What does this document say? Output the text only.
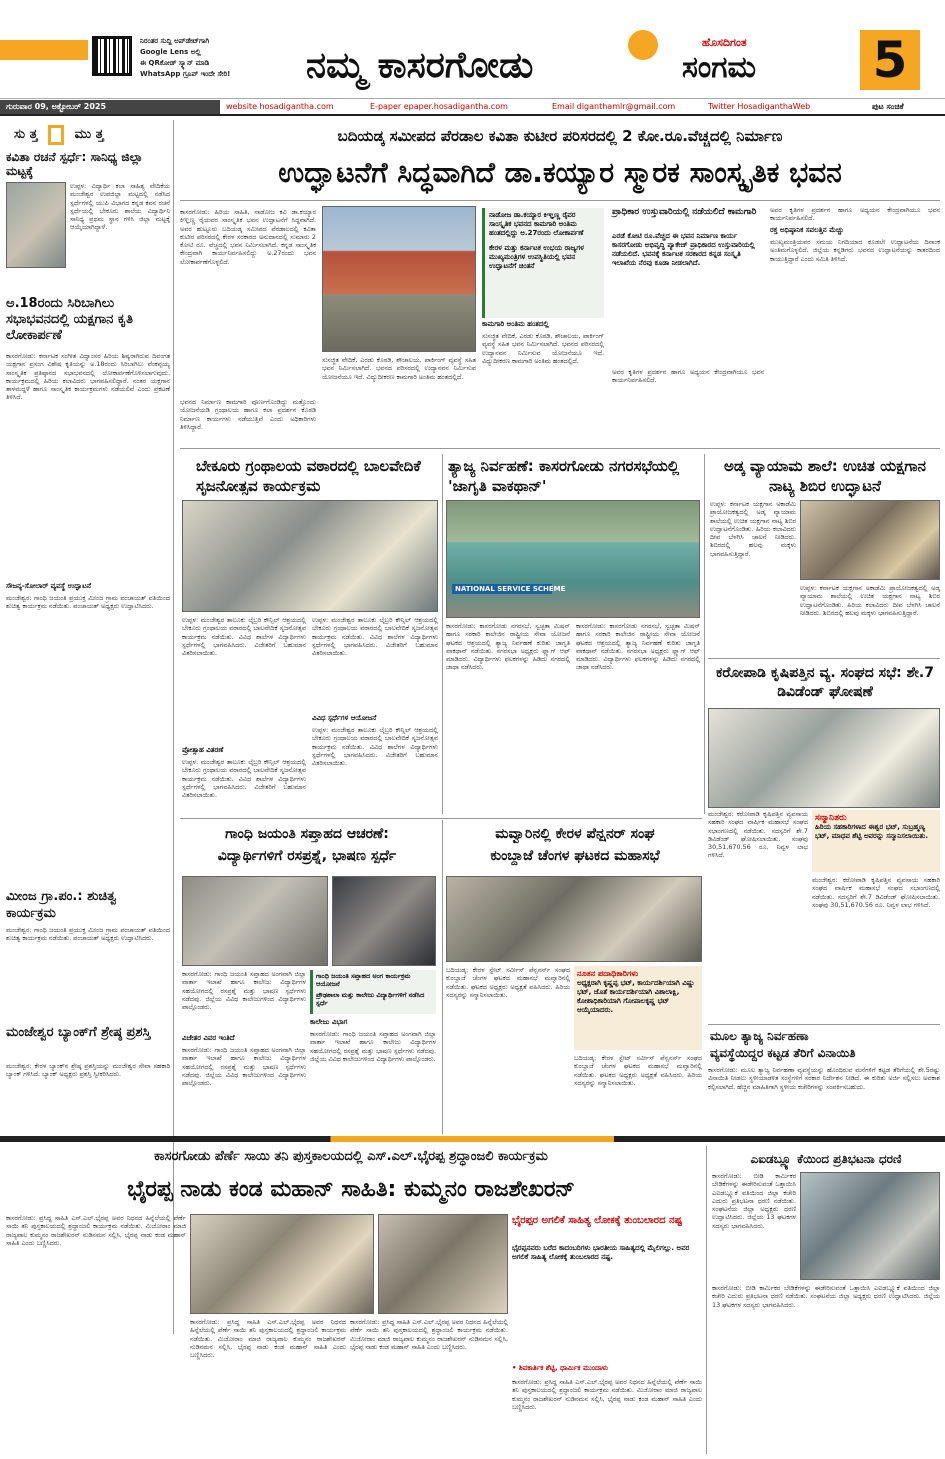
ನಿರಂತರ ಸುದ್ದಿ ಅಪ್‌ಡೇಟ್‌ಗಾಗಿ
Google Lens ಅಲ್ಲಿ
ಈ QRಕೋಡ್ ಸ್ಕ್ಯಾನ್ ಮಾಡಿ
WhatsApp ಗ್ರೂಪ್ ಇಂದೇ ಸೇರಿ!	ನಮ್ಮ ಕಾಸರಗೋಡು
ಹೊಸದಿಗಂತ
ಸಂಗಮ	5
ಗುರುವಾರ 09, ಅಕ್ಟೋಬರ್ 2025	website hosadigantha.com	E-paper epaper.hosadigantha.com	Email diganthamlr@gmail.com	Twitter HosadiganthaWeb	ಪುಟ ಸಂಚಿಕೆ
ಸು ತ್ತ	ಮು ತ್ತ
ಕವಿತಾ ರಚನೆ ಸ್ಪರ್ಧೆ: ಸಾನಿಧ್ಯ ಜಿಲ್ಲಾ ಮಟ್ಟಕ್ಕೆ
ಉಪ್ಪಳ: ವಿದ್ಯಾರ್ಥಿ ಕಲಾ ಸಾಹಿತ್ಯ ವೇದಿಕೆಯ ಮಂಜೇಶ್ವರ ಉಪಜಿಲ್ಲಾ ಮಟ್ಟದಲ್ಲಿ ನಡೆಸಿದ ಸ್ಪರ್ಧೆಗಳಲ್ಲಿ ಯುಪಿ ವಿಭಾಗದ ಕನ್ನಡ ಕವನ ರಚನೆ ಸ್ಪರ್ಧೆಯಲ್ಲಿ ಬೇಕೂರು ಶಾಲೆಯ ವಿದ್ಯಾರ್ಥಿನಿ ಸಾನಿಧ್ಯ ಪ್ರಥಮ ಸ್ಥಾನ ಗಳಿಸಿ ಜಿಲ್ಲಾ ಮಟ್ಟಕ್ಕೆ ಆಯ್ಕೆಯಾಗಿದ್ದಾಳೆ.
ಅ.18ರಂದು ಸಿರಿಬಾಗಿಲು ಸಭಾಭವನದಲ್ಲಿ ಯಕ್ಷಗಾನ ಕೃತಿ ಲೋಕಾರ್ಪಣೆ
ಕಾಸರಗೋಡು: ಕರ್ನಾಟಕ ಸಂಗೀತ ವಿದ್ವಾಂಸರ ಹಿರಿಯ ಶಿಷ್ಯರಾಗಿರುವ ದಿವಂಗತ ಯಕ್ಷಗಾನ ಪ್ರಸಂಗ ವಿಶೇಷ ಕೃತಿಯನ್ನು ಅ.18ರಂದು ಸಿರಿಬಾಗಿಲು ವೆಂಕಪ್ಪಯ್ಯ ಸಾಂಸ್ಕೃತಿಕ ಪ್ರತಿಷ್ಠಾನದ ಸಭಾಭವನದಲ್ಲಿ ಲೋಕಾರ್ಪಣೆಗೊಳಿಸಲಾಗುವುದು. ಕಾರ್ಯಕ್ರಮದಲ್ಲಿ ಹಿರಿಯ ಕಲಾವಿದರು ಭಾಗವಹಿಸಲಿದ್ದಾರೆ. ನಂತರ ಯಕ್ಷಗಾನ ತಾಳಮದ್ದಳೆ ಹಾಗೂ ಸಾಂಸ್ಕೃತಿಕ ಕಾರ್ಯಕ್ರಮಗಳು ನಡೆಯಲಿವೆ ಎಂದು ಪ್ರಕಟಣೆ ತಿಳಿಸಿದೆ.
ಸೌಜನ್ಯ-ಸೋಲಾರ್ ವ್ಯವಸ್ಥೆ ಉದ್ಘಾಟನೆ
ಮಂಜೇಶ್ವರ: ಗಾಂಧಿ ಜಯಂತಿ ಪ್ರಯುಕ್ತ ಮೀಂಜ ಗ್ರಾಮ ಪಂಚಾಯತ್ ವತಿಯಿಂದ ಶುಚಿತ್ವ ಕಾರ್ಯಕ್ರಮ ನಡೆಯಿತು. ಪಂಚಾಯತ್ ಅಧ್ಯಕ್ಷರು ಉದ್ಘಾಟಿಸಿದರು.
ಮೀಂಜ ಗ್ರಾ.ಪಂ.: ಶುಚಿತ್ವ ಕಾರ್ಯಕ್ರಮ
ಮಂಜೇಶ್ವರ: ಗಾಂಧಿ ಜಯಂತಿ ಪ್ರಯುಕ್ತ ಮೀಂಜ ಗ್ರಾಮ ಪಂಚಾಯತ್ ವತಿಯಿಂದ ಶುಚಿತ್ವ ಕಾರ್ಯಕ್ರಮ ನಡೆಯಿತು. ಪಂಚಾಯತ್ ಅಧ್ಯಕ್ಷರು ಉದ್ಘಾಟಿಸಿದರು.
ಮಂಜೇಶ್ವರ ಬ್ಯಾಂಕ್‌ಗೆ ಶ್ರೇಷ್ಠ ಪ್ರಶಸ್ತಿ
ಮಂಜೇಶ್ವರ: ಕೇರಳ ಬ್ಯಾಂಕ್‌ನ ಶ್ರೇಷ್ಠ ಪ್ರಶಸ್ತಿಯನ್ನು ಮಂಜೇಶ್ವರ ಸೇವಾ ಸಹಕಾರಿ ಬ್ಯಾಂಕ್ ಗಳಿಸಿದೆ. ಬ್ಯಾಂಕ್ ಅಧ್ಯಕ್ಷರು ಪ್ರಶಸ್ತಿ ಸ್ವೀಕರಿಸಿದರು.
ಬದಿಯಡ್ಕ ಸಮೀಪದ ಪೆರಡಾಲ ಕವಿತಾ ಕುಟೀರ ಪರಿಸರದಲ್ಲಿ 2 ಕೋ.ರೂ.ವೆಚ್ಚದಲ್ಲಿ ನಿರ್ಮಾಣ
ಉದ್ಘಾಟನೆಗೆ ಸಿದ್ಧವಾಗಿದೆ ಡಾ.ಕಯ್ಯಾರ ಸ್ಮಾರಕ ಸಾಂಸ್ಕೃತಿಕ ಭವನ
ಕಾಸರಗೋಡು: ಹಿರಿಯ ಸಾಹಿತಿ, ನಾಡೋಜ ಕವಿ ಡಾ.ಕಯ್ಯಾರ ಕಿಞ್ಞಣ್ಣ ರೈಯವರ ಸಾಂಸ್ಕೃತಿಕ ಭವನ ಉದ್ಘಾಟನೆಗೆ ಸಿದ್ಧವಾಗಿದೆ. ಅವರ ಹುಟ್ಟೂರು ಬದಿಯಡ್ಕ ಸಮೀಪದ ಪೆರಡಾಲದಲ್ಲಿ ಕವಿತಾ ಕುಟೀರ ಪರಿಸರದಲ್ಲಿ ಕೇರಳ ಸರಕಾರದ ಅನುದಾನದಲ್ಲಿ ಸುಮಾರು 2 ಕೋಟಿ ರೂ. ವೆಚ್ಚದಲ್ಲಿ ಭವನ ನಿರ್ಮಿಸಲಾಗಿದೆ. ಕನ್ನಡ ಸಾಂಸ್ಕೃತಿಕ ಕೇಂದ್ರವಾಗಿ ಕಾರ್ಯನಿರ್ವಹಿಸಲಿದ್ದು ಅ.27ರಂದು ಭವನ ಲೋಕಾರ್ಪಣೆಗೊಳ್ಳಲಿದೆ.
ಭವನದ ನಿರ್ಮಾಣ ಕಾಮಗಾರಿ ಪೂರ್ಣಗೊಂಡಿದ್ದು ಮತ್ತೊಂದು ಯೋಜನೆಯಡಿ ಗ್ರಂಥಾಲಯ ಹಾಗೂ ಕಲಾ ಪ್ರದರ್ಶನ ಕೊಠಡಿ ನಿರ್ಮಾಣ ಕಾರ್ಯಗಳು ನಡೆಯುತ್ತಿವೆ ಎಂದು ಅಧಿಕಾರಿಗಳು ತಿಳಿಸಿದ್ದಾರೆ.
ಸುಸಜ್ಜಿತ ವೇದಿಕೆ, ಎರಡು ಕೊಠಡಿ, ಶೌಚಾಲಯ, ಪಾರ್ಕಿಂಗ್ ವ್ಯವಸ್ಥೆ ಸಹಿತ ಭವನ ನಿರ್ಮಿಸಲಾಗಿದೆ. ಭವನದ ಪರಿಸರದಲ್ಲಿ ಉದ್ಯಾನವನ ನಿರ್ಮಿಸುವ ಯೋಜನೆಯೂ ಇದೆ. ವಿದ್ಯುದೀಕರಣ ಕಾಮಗಾರಿ ಅಂತಿಮ ಹಂತದಲ್ಲಿದೆ.
ನಾಡೋಜ ಡಾ.ಕಯ್ಯಾರ ಕಿಞ್ಞಣ್ಣ ರೈವರ ಸಾಂಸ್ಕೃತಿಕ ಭವನದ ಕಾಮಗಾರಿ ಅಂತಿಮ ಹಂತದಲ್ಲಿದ್ದು ಅ.27ರಂದು ಲೋಕಾರ್ಪಣೆ
ಕೇರಳ ಮತ್ತು ಕರ್ನಾಟಕ ಉಭಯ ರಾಜ್ಯಗಳ ಮುಖ್ಯಮಂತ್ರಿಗಳ ಉಪಸ್ಥಿತಿಯಲ್ಲಿ ಭವನ ಉದ್ಘಾಟನೆಗೆ ಚಿಂತನೆ
ಕಾಮಗಾರಿ ಅಂತಿಮ ಹಂತದಲ್ಲಿ
ಸುಸಜ್ಜಿತ ವೇದಿಕೆ, ಎರಡು ಕೊಠಡಿ, ಶೌಚಾಲಯ, ಪಾರ್ಕಿಂಗ್ ವ್ಯವಸ್ಥೆ ಸಹಿತ ಭವನ ನಿರ್ಮಿಸಲಾಗಿದೆ. ಭವನದ ಪರಿಸರದಲ್ಲಿ ಉದ್ಯಾನವನ ನಿರ್ಮಿಸುವ ಯೋಜನೆಯೂ ಇದೆ. ವಿದ್ಯುದೀಕರಣ ಕಾಮಗಾರಿ ಅಂತಿಮ ಹಂತದಲ್ಲಿದೆ.
ಪ್ರಾಧಿಕಾರ ಉಸ್ತುವಾರಿಯಲ್ಲಿ ನಡೆಯಲಿದೆ ಕಾಮಗಾರಿ
ಎರಡೆ ಕೋಟಿ ರೂ.ವೆಚ್ಚದ ಈ ಭವನ ನಿರ್ಮಾಣ ಕಾರ್ಯ ಕಾಸರಗೋಡು ಅಭಿವೃದ್ಧಿ ಪ್ಯಾಕೇಜ್ ಪ್ರಾಧಿಕಾರದ ಉಸ್ತುವಾರಿಯಲ್ಲಿ ನಡೆಯಲಿದೆ. ಭವನಕ್ಕೆ ಕರ್ನಾಟಕ ಸರಕಾರದ ಕನ್ನಡ ಸಂಸ್ಕೃತಿ ಇಲಾಖೆಯ ನೆರವು ಕೂಡಾ ನೀಡಲಾಗಿದೆ.
ಅವರ ಕೃತಿಗಳ ಪ್ರದರ್ಶನ ಹಾಗೂ ಅಧ್ಯಯನ ಕೇಂದ್ರವಾಗಿಯೂ ಭವನ ಕಾರ್ಯನಿರ್ವಹಿಸಲಿದೆ.
ಅವರ ಕೃತಿಗಳ ಪ್ರದರ್ಶನ ಹಾಗೂ ಅಧ್ಯಯನ ಕೇಂದ್ರವಾಗಿಯೂ ಭವನ ಕಾರ್ಯನಿರ್ವಹಿಸಲಿದೆ.
ರಕ್ತ ಅಧಿಷ್ಠಾನಿಕ ಸವಲತ್ತಿನ ಮೆಚ್ಚು
ಮುಖ್ಯಮಂತ್ರಿಯವರ ಸಮಯ ನಿಗದಿಯಾದ ಕೂಡಲೇ ಉದ್ಘಾಟನೆಯ ದಿನಾಂಕ ಅಂತಿಮಗೊಳ್ಳಲಿದೆ. ಜಿಲ್ಲೆಯ ಕನ್ನಡಿಗರು ಭವನದ ಉದ್ಘಾಟನೆಯನ್ನು ಕಾತರದಿಂದ ಕಾಯುತ್ತಿದ್ದಾರೆ ಎಂದು ಸಮಿತಿ ತಿಳಿಸಿದೆ.
ಬೇಕೂರು ಗ್ರಂಥಾಲಯ ವಠಾರದಲ್ಲಿ ಬಾಲವೇದಿಕೆ ಸೃಜನೋತ್ಸವ ಕಾರ್ಯಕ್ರಮ
ಉಪ್ಪಳ: ಮಂಜೇಶ್ವರ ತಾಲೂಕು ಲೈಬ್ರರಿ ಕೌನ್ಸಿಲ್ ಆಶ್ರಯದಲ್ಲಿ ಬೇಕೂರು ಗ್ರಂಥಾಲಯ ವಠಾರದಲ್ಲಿ ಬಾಲವೇದಿಕೆ ಸೃಜನೋತ್ಸವ ಕಾರ್ಯಕ್ರಮ ನಡೆಯಿತು. ವಿವಿಧ ಶಾಲೆಗಳ ವಿದ್ಯಾರ್ಥಿಗಳು ಸ್ಪರ್ಧೆಗಳಲ್ಲಿ ಭಾಗವಹಿಸಿದರು. ವಿಜೇತರಿಗೆ ಬಹುಮಾನ ವಿತರಿಸಲಾಯಿತು.
ಪ್ರೋತ್ಸಾಹ ವಿತರಣೆ
ಉಪ್ಪಳ: ಮಂಜೇಶ್ವರ ತಾಲೂಕು ಲೈಬ್ರರಿ ಕೌನ್ಸಿಲ್ ಆಶ್ರಯದಲ್ಲಿ ಬೇಕೂರು ಗ್ರಂಥಾಲಯ ವಠಾರದಲ್ಲಿ ಬಾಲವೇದಿಕೆ ಸೃಜನೋತ್ಸವ ಕಾರ್ಯಕ್ರಮ ನಡೆಯಿತು. ವಿವಿಧ ಶಾಲೆಗಳ ವಿದ್ಯಾರ್ಥಿಗಳು ಸ್ಪರ್ಧೆಗಳಲ್ಲಿ ಭಾಗವಹಿಸಿದರು. ವಿಜೇತರಿಗೆ ಬಹುಮಾನ ವಿತರಿಸಲಾಯಿತು.
ವಿವಿಧ ಸ್ಪರ್ಧೆಗಳ ಆಯೋಜನೆ
ಉಪ್ಪಳ: ಮಂಜೇಶ್ವರ ತಾಲೂಕು ಲೈಬ್ರರಿ ಕೌನ್ಸಿಲ್ ಆಶ್ರಯದಲ್ಲಿ ಬೇಕೂರು ಗ್ರಂಥಾಲಯ ವಠಾರದಲ್ಲಿ ಬಾಲವೇದಿಕೆ ಸೃಜನೋತ್ಸವ ಕಾರ್ಯಕ್ರಮ ನಡೆಯಿತು. ವಿವಿಧ ಶಾಲೆಗಳ ವಿದ್ಯಾರ್ಥಿಗಳು ಸ್ಪರ್ಧೆಗಳಲ್ಲಿ ಭಾಗವಹಿಸಿದರು. ವಿಜೇತರಿಗೆ ಬಹುಮಾನ ವಿತರಿಸಲಾಯಿತು.
ಉಪ್ಪಳ: ಮಂಜೇಶ್ವರ ತಾಲೂಕು ಲೈಬ್ರರಿ ಕೌನ್ಸಿಲ್ ಆಶ್ರಯದಲ್ಲಿ ಬೇಕೂರು ಗ್ರಂಥಾಲಯ ವಠಾರದಲ್ಲಿ ಬಾಲವೇದಿಕೆ ಸೃಜನೋತ್ಸವ ಕಾರ್ಯಕ್ರಮ ನಡೆಯಿತು. ವಿವಿಧ ಶಾಲೆಗಳ ವಿದ್ಯಾರ್ಥಿಗಳು ಸ್ಪರ್ಧೆಗಳಲ್ಲಿ ಭಾಗವಹಿಸಿದರು. ವಿಜೇತರಿಗೆ ಬಹುಮಾನ ವಿತರಿಸಲಾಯಿತು.
ತ್ಯಾಜ್ಯ ನಿರ್ವಹಣೆ: ಕಾಸರಗೋಡು ನಗರಸಭೆಯಲ್ಲಿ 'ಜಾಗೃತಿ ವಾಕಥಾನ್'
NATIONAL SERVICE SCHEME
ಕಾಸರಗೋಡು: ಕಾಸರಗೋಡು ನಗರಸಭೆ, ಸ್ವಚ್ಛತಾ ಮಿಷನ್ ಹಾಗೂ ಸರಕಾರಿ ಕಾಲೇಜಿನ ರಾಷ್ಟ್ರೀಯ ಸೇವಾ ಯೋಜನೆ ಘಟಕದ ಆಶ್ರಯದಲ್ಲಿ ತ್ಯಾಜ್ಯ ನಿರ್ವಹಣೆ ಕುರಿತು ಜಾಗೃತಿ ವಾಕಥಾನ್ ನಡೆಯಿತು. ನಗರಸಭಾ ಅಧ್ಯಕ್ಷರು ಫ್ಲ್ಯಾಗ್ ಆಫ್ ಮಾಡಿದರು. ವಿದ್ಯಾರ್ಥಿಗಳು ಫಲಕಗಳನ್ನು ಹಿಡಿದು ನಗರದಲ್ಲಿ ಜಾಥಾ ನಡೆಸಿದರು.
ಕಾಸರಗೋಡು: ಕಾಸರಗೋಡು ನಗರಸಭೆ, ಸ್ವಚ್ಛತಾ ಮಿಷನ್ ಹಾಗೂ ಸರಕಾರಿ ಕಾಲೇಜಿನ ರಾಷ್ಟ್ರೀಯ ಸೇವಾ ಯೋಜನೆ ಘಟಕದ ಆಶ್ರಯದಲ್ಲಿ ತ್ಯಾಜ್ಯ ನಿರ್ವಹಣೆ ಕುರಿತು ಜಾಗೃತಿ ವಾಕಥಾನ್ ನಡೆಯಿತು. ನಗರಸಭಾ ಅಧ್ಯಕ್ಷರು ಫ್ಲ್ಯಾಗ್ ಆಫ್ ಮಾಡಿದರು. ವಿದ್ಯಾರ್ಥಿಗಳು ಫಲಕಗಳನ್ನು ಹಿಡಿದು ನಗರದಲ್ಲಿ ಜಾಥಾ ನಡೆಸಿದರು.
ಅಡ್ಕ ವ್ಯಾಯಾಮ ಶಾಲೆ: ಉಚಿತ ಯಕ್ಷಗಾನ ನಾಟ್ಯ ಶಿಬಿರ ಉದ್ಘಾಟನೆ
ಉಪ್ಪಳ: ಕರ್ನಾಟಕ ಯಕ್ಷಗಾನ ಅಕಾಡೆಮಿ ಪ್ರಾಯೋಜಕತ್ವದಲ್ಲಿ ಅಡ್ಕ ವ್ಯಾಯಾಮ ಶಾಲೆಯಲ್ಲಿ ಉಚಿತ ಯಕ್ಷಗಾನ ನಾಟ್ಯ ಶಿಬಿರ ಉದ್ಘಾಟನೆಗೊಂಡಿತು. ಹಿರಿಯ ಕಲಾವಿದರು ದೀಪ ಬೆಳಗಿಸಿ ಚಾಲನೆ ನೀಡಿದರು. ಶಿಬಿರದಲ್ಲಿ ಹಲವು ಮಕ್ಕಳು ಭಾಗವಹಿಸುತ್ತಿದ್ದಾರೆ.
ಉಪ್ಪಳ: ಕರ್ನಾಟಕ ಯಕ್ಷಗಾನ ಅಕಾಡೆಮಿ ಪ್ರಾಯೋಜಕತ್ವದಲ್ಲಿ ಅಡ್ಕ ವ್ಯಾಯಾಮ ಶಾಲೆಯಲ್ಲಿ ಉಚಿತ ಯಕ್ಷಗಾನ ನಾಟ್ಯ ಶಿಬಿರ ಉದ್ಘಾಟನೆಗೊಂಡಿತು. ಹಿರಿಯ ಕಲಾವಿದರು ದೀಪ ಬೆಳಗಿಸಿ ಚಾಲನೆ ನೀಡಿದರು. ಶಿಬಿರದಲ್ಲಿ ಹಲವು ಮಕ್ಕಳು ಭಾಗವಹಿಸುತ್ತಿದ್ದಾರೆ.
ಕರೋಪಾಡಿ ಕೃಷಿಪತ್ತಿನ ವ್ಯ. ಸಂಘದ ಸಭೆ: ಶೇ.7 ಡಿವಿಡೆಂಡ್ ಘೋಷಣೆ
ಮಂಜೇಶ್ವರ: ಕರೋಪಾಡಿ ಕೃಷಿಪತ್ತಿನ ವ್ಯವಸಾಯ ಸಹಕಾರಿ ಸಂಘದ ವಾರ್ಷಿಕ ಮಹಾಸಭೆ ಸಂಘದ ಸಭಾಂಗಣದಲ್ಲಿ ನಡೆಯಿತು. ಸದಸ್ಯರಿಗೆ ಶೇ.7 ಡಿವಿಡೆಂಡ್ ಘೋಷಿಸಲಾಯಿತು. ಸಂಘವು 30,51,670.56 ರೂ. ನಿವ್ವಳ ಲಾಭ ಗಳಿಸಿದೆ.
ಸನ್ಮಾನಿತರು
ಹಿರಿಯ ಸಹಕಾರಿಗಳಾದ ಈಶ್ವರ ಭಟ್, ಸುಬ್ರಹ್ಮಣ್ಯ ಭಟ್, ಮಾಧವ ಶೆಟ್ಟಿ ಅವರನ್ನು ಸನ್ಮಾನಿಸಲಾಯಿತು.
ಮಂಜೇಶ್ವರ: ಕರೋಪಾಡಿ ಕೃಷಿಪತ್ತಿನ ವ್ಯವಸಾಯ ಸಹಕಾರಿ ಸಂಘದ ವಾರ್ಷಿಕ ಮಹಾಸಭೆ ಸಂಘದ ಸಭಾಂಗಣದಲ್ಲಿ ನಡೆಯಿತು. ಸದಸ್ಯರಿಗೆ ಶೇ.7 ಡಿವಿಡೆಂಡ್ ಘೋಷಿಸಲಾಯಿತು. ಸಂಘವು 30,51,670.56 ರೂ. ನಿವ್ವಳ ಲಾಭ ಗಳಿಸಿದೆ.
ಮೂಲ ತ್ಯಾಜ್ಯ ನಿರ್ವಹಣಾ
ವ್ಯವಸ್ಥೆಯಿದ್ದರ ಕಟ್ಟಡ ತೆರಿಗೆ ವಿನಾಯಿತಿ
ಕಾಸರಗೋಡು: ಮೂಲ ತ್ಯಾಜ್ಯ ನಿರ್ವಹಣಾ ವ್ಯವಸ್ಥೆಯನ್ನು ಹೊಂದಿರುವ ಮನೆಗಳಿಗೆ ಕಟ್ಟಡ ತೆರಿಗೆಯಲ್ಲಿ ಶೇ.5ರಷ್ಟು ವಿನಾಯಿತಿ ನೀಡಲು ಸ್ಥಳೀಯಾಡಳಿತ ಸಂಸ್ಥೆಗಳಿಗೆ ಸರಕಾರ ನಿರ್ದೇಶನ ನೀಡಿದೆ. ಈ ಕುರಿತು ಅರ್ಜಿ ಸಲ್ಲಿಸಲು ಅವಕಾಶ ಕಲ್ಪಿಸಲಾಗಿದೆ. ಹೆಚ್ಚಿನ ಮಾಹಿತಿಗಾಗಿ ಸ್ಥಳೀಯ ಕಚೇರಿಗಳನ್ನು ಸಂಪರ್ಕಿಸಬಹುದು.
ಗಾಂಧಿ ಜಯಂತಿ ಸಪ್ತಾಹದ ಆಚರಣೆ:
ವಿದ್ಯಾರ್ಥಿಗಳಿಗೆ ರಸಪ್ರಶ್ನೆ, ಭಾಷಣ ಸ್ಪರ್ಧೆ
ಕಾಸರಗೋಡು: ಗಾಂಧಿ ಜಯಂತಿ ಸಪ್ತಾಹದ ಅಂಗವಾಗಿ ಜಿಲ್ಲಾ ವಾರ್ತಾ ಇಲಾಖೆ ಹಾಗೂ ಕಾಲೇಜು ವಿದ್ಯಾರ್ಥಿಗಳ ಸಹಯೋಗದಲ್ಲಿ ರಸಪ್ರಶ್ನೆ ಮತ್ತು ಭಾಷಣ ಸ್ಪರ್ಧೆಗಳು ನಡೆದವು. ಜಿಲ್ಲೆಯ ವಿವಿಧ ಕಾಲೇಜುಗಳಿಂದ ವಿದ್ಯಾರ್ಥಿಗಳು ಪಾಲ್ಗೊಂಡರು.
ವಿಜೇತರ ವಿವರ ಇಂತಿದೆ
ಕಾಸರಗೋಡು: ಗಾಂಧಿ ಜಯಂತಿ ಸಪ್ತಾಹದ ಅಂಗವಾಗಿ ಜಿಲ್ಲಾ ವಾರ್ತಾ ಇಲಾಖೆ ಹಾಗೂ ಕಾಲೇಜು ವಿದ್ಯಾರ್ಥಿಗಳ ಸಹಯೋಗದಲ್ಲಿ ರಸಪ್ರಶ್ನೆ ಮತ್ತು ಭಾಷಣ ಸ್ಪರ್ಧೆಗಳು ನಡೆದವು. ಜಿಲ್ಲೆಯ ವಿವಿಧ ಕಾಲೇಜುಗಳಿಂದ ವಿದ್ಯಾರ್ಥಿಗಳು ಪಾಲ್ಗೊಂಡರು.
ಗಾಂಧಿ ಜಯಂತಿ ಸಪ್ತಾಹದ ಅಂಗ ಕಾರ್ಯಕ್ರಮ ಆಯೋಜನೆ
ಪ್ರೌಢಶಾಲಾ ಮತ್ತು ಕಾಲೇಜು ವಿದ್ಯಾರ್ಥಿಗಳಿಗೆ ನಡೆಸಿದ ಸ್ಪರ್ಧೆ
ಕಾಲೇಜು ವಿಭಾಗ
ಕಾಸರಗೋಡು: ಗಾಂಧಿ ಜಯಂತಿ ಸಪ್ತಾಹದ ಅಂಗವಾಗಿ ಜಿಲ್ಲಾ ವಾರ್ತಾ ಇಲಾಖೆ ಹಾಗೂ ಕಾಲೇಜು ವಿದ್ಯಾರ್ಥಿಗಳ ಸಹಯೋಗದಲ್ಲಿ ರಸಪ್ರಶ್ನೆ ಮತ್ತು ಭಾಷಣ ಸ್ಪರ್ಧೆಗಳು ನಡೆದವು. ಜಿಲ್ಲೆಯ ವಿವಿಧ ಕಾಲೇಜುಗಳಿಂದ ವಿದ್ಯಾರ್ಥಿಗಳು ಪಾಲ್ಗೊಂಡರು.
ಮವ್ವಾರಿನಲ್ಲಿ ಕೇರಳ ಪೆನ್ಷನರ್ ಸಂಘ
ಕುಂಬ್ದಾಜೆ ಚೆಂಗಳ ಘಟಕದ ಮಹಾಸಭೆ
ಬದಿಯಡ್ಕ: ಕೇರಳ ಸ್ಟೇಟ್ ಸರ್ವೀಸ್ ಪೆನ್ಷನರ್ಸ್ ಸಂಘದ ಕುಂಬ್ದಾಜೆ ಚೆಂಗಳ ಘಟಕದ ಮಹಾಸಭೆ ಮವ್ವಾರಿನಲ್ಲಿ ನಡೆಯಿತು. ಘಟಕದ ಅಧ್ಯಕ್ಷರು ಅಧ್ಯಕ್ಷತೆ ವಹಿಸಿದರು. ಹಿರಿಯ ಸದಸ್ಯರನ್ನು ಸನ್ಮಾನಿಸಲಾಯಿತು.
ನೂತನ ಪದಾಧಿಕಾರಿಗಳು
ಅಧ್ಯಕ್ಷರಾಗಿ ಕೃಷ್ಣಪ್ಪ ಭಟ್, ಕಾರ್ಯದರ್ಶಿಯಾಗಿ ವಿಷ್ಣು ಭಟ್, ಜೊತೆ ಕಾರ್ಯದರ್ಶಿಯಾಗಿ ವಿಶಾಲಾಕ್ಷಿ, ಕೋಶಾಧಿಕಾರಿಯಾಗಿ ಗೋಪಾಲಕೃಷ್ಣ ಭಟ್ ಆಯ್ಕೆಯಾದರು.
ಬದಿಯಡ್ಕ: ಕೇರಳ ಸ್ಟೇಟ್ ಸರ್ವೀಸ್ ಪೆನ್ಷನರ್ಸ್ ಸಂಘದ ಕುಂಬ್ದಾಜೆ ಚೆಂಗಳ ಘಟಕದ ಮಹಾಸಭೆ ಮವ್ವಾರಿನಲ್ಲಿ ನಡೆಯಿತು. ಘಟಕದ ಅಧ್ಯಕ್ಷರು ಅಧ್ಯಕ್ಷತೆ ವಹಿಸಿದರು. ಹಿರಿಯ ಸದಸ್ಯರನ್ನು ಸನ್ಮಾನಿಸಲಾಯಿತು.
ಕಾಸರಗೋಡು ಪೆರ್ಣೆ ಸಾಯಿ ತನಿ ಪುಸ್ತಕಾಲಯದಲ್ಲಿ ಎಸ್.ಎಲ್.ಭೈರಪ್ಪ ಶ್ರದ್ಧಾಂಜಲಿ ಕಾರ್ಯಕ್ರಮ
ಭೈರಪ್ಪ ನಾಡು ಕಂಡ ಮಹಾನ್ ಸಾಹಿತಿ: ಕುಮ್ಮನಂ ರಾಜಶೇಖರನ್
ಕಾಸರಗೋಡು: ಪ್ರಸಿದ್ಧ ಸಾಹಿತಿ ಎಸ್.ಎಲ್.ಭೈರಪ್ಪ ಅವರ ನಿಧನದ ಹಿನ್ನೆಲೆಯಲ್ಲಿ ಪೆರ್ಣೆ ಸಾಯಿ ತನಿ ಪುಸ್ತಕಾಲಯದಲ್ಲಿ ಶ್ರದ್ಧಾಂಜಲಿ ಕಾರ್ಯಕ್ರಮ ನಡೆಯಿತು. ಮಿಜೋರಾಂ ಮಾಜಿ ರಾಜ್ಯಪಾಲ ಕುಮ್ಮನಂ ರಾಜಶೇಖರನ್ ನುಡಿನಮನ ಸಲ್ಲಿಸಿ, ಭೈರಪ್ಪ ನಾಡು ಕಂಡ ಮಹಾನ್ ಸಾಹಿತಿ ಎಂದು ಬಣ್ಣಿಸಿದರು.
ಕಾಸರಗೋಡು: ಪ್ರಸಿದ್ಧ ಸಾಹಿತಿ ಎಸ್.ಎಲ್.ಭೈರಪ್ಪ ಅವರ ನಿಧನದ ಹಿನ್ನೆಲೆಯಲ್ಲಿ ಪೆರ್ಣೆ ಸಾಯಿ ತನಿ ಪುಸ್ತಕಾಲಯದಲ್ಲಿ ಶ್ರದ್ಧಾಂಜಲಿ ಕಾರ್ಯಕ್ರಮ ನಡೆಯಿತು. ಮಿಜೋರಾಂ ಮಾಜಿ ರಾಜ್ಯಪಾಲ ಕುಮ್ಮನಂ ರಾಜಶೇಖರನ್ ನುಡಿನಮನ ಸಲ್ಲಿಸಿ, ಭೈರಪ್ಪ ನಾಡು ಕಂಡ ಮಹಾನ್ ಸಾಹಿತಿ ಎಂದು ಬಣ್ಣಿಸಿದರು.
ಕಾಸರಗೋಡು: ಪ್ರಸಿದ್ಧ ಸಾಹಿತಿ ಎಸ್.ಎಲ್.ಭೈರಪ್ಪ ಅವರ ನಿಧನದ ಹಿನ್ನೆಲೆಯಲ್ಲಿ ಪೆರ್ಣೆ ಸಾಯಿ ತನಿ ಪುಸ್ತಕಾಲಯದಲ್ಲಿ ಶ್ರದ್ಧಾಂಜಲಿ ಕಾರ್ಯಕ್ರಮ ನಡೆಯಿತು. ಮಿಜೋರಾಂ ಮಾಜಿ ರಾಜ್ಯಪಾಲ ಕುಮ್ಮನಂ ರಾಜಶೇಖರನ್ ನುಡಿನಮನ ಸಲ್ಲಿಸಿ, ಭೈರಪ್ಪ ನಾಡು ಕಂಡ ಮಹಾನ್ ಸಾಹಿತಿ ಎಂದು ಬಣ್ಣಿಸಿದರು.
ಭೈರಪ್ಪರ ಅಗಲಿಕೆ ಸಾಹಿತ್ಯ ಲೋಕಕ್ಕೆ ತುಂಬಲಾರದ ನಷ್ಟ
ಭೈರಪ್ಪನವರು ಬರೆದ ಕಾದಂಬರಿಗಳು ಭಾರತೀಯ ಸಾಹಿತ್ಯದಲ್ಲಿ ಮೈಲಿಗಲ್ಲು. ಅವರ ಅಗಲಿಕೆ ಸಾಹಿತ್ಯ ಲೋಕಕ್ಕೆ ತುಂಬಲಾರದ ನಷ್ಟ.
• ಶಿವಕಾರ್ತಿಕ ಶೆಟ್ಟಿ, ಧಾರ್ಮಿಕ ಮುಂದಾಳು
ಕಾಸರಗೋಡು: ಪ್ರಸಿದ್ಧ ಸಾಹಿತಿ ಎಸ್.ಎಲ್.ಭೈರಪ್ಪ ಅವರ ನಿಧನದ ಹಿನ್ನೆಲೆಯಲ್ಲಿ ಪೆರ್ಣೆ ಸಾಯಿ ತನಿ ಪುಸ್ತಕಾಲಯದಲ್ಲಿ ಶ್ರದ್ಧಾಂಜಲಿ ಕಾರ್ಯಕ್ರಮ ನಡೆಯಿತು. ಮಿಜೋರಾಂ ಮಾಜಿ ರಾಜ್ಯಪಾಲ ಕುಮ್ಮನಂ ರಾಜಶೇಖರನ್ ನುಡಿನಮನ ಸಲ್ಲಿಸಿ, ಭೈರಪ್ಪ ನಾಡು ಕಂಡ ಮಹಾನ್ ಸಾಹಿತಿ ಎಂದು ಬಣ್ಣಿಸಿದರು.
ಎಐಡಬ್ಲ್ಯೂ ಕೆಯಿಂದ ಪ್ರತಿಭಟನಾ ಧರಣಿ
ಕಾಸರಗೋಡು: ಬೀಡಿ ಕಾರ್ಮಿಕರ ಬೇಡಿಕೆಗಳನ್ನು ಈಡೇರಿಸುವಂತೆ ಒತ್ತಾಯಿಸಿ ಎಐಡಬ್ಲ್ಯೂಕೆ ವತಿಯಿಂದ ಜಿಲ್ಲಾ ಕಚೇರಿ ಎದುರು ಪ್ರತಿಭಟನಾ ಧರಣಿ ನಡೆಯಿತು. ಸಂಘಟನೆಯ ಜಿಲ್ಲಾ ಅಧ್ಯಕ್ಷರು ಧರಣಿ ಉದ್ಘಾಟಿಸಿದರು. ಜಿಲ್ಲೆಯ 13 ಘಟಕಗಳ ಸದಸ್ಯರು ಭಾಗವಹಿಸಿದರು.
ಕಾಸರಗೋಡು: ಬೀಡಿ ಕಾರ್ಮಿಕರ ಬೇಡಿಕೆಗಳನ್ನು ಈಡೇರಿಸುವಂತೆ ಒತ್ತಾಯಿಸಿ ಎಐಡಬ್ಲ್ಯೂಕೆ ವತಿಯಿಂದ ಜಿಲ್ಲಾ ಕಚೇರಿ ಎದುರು ಪ್ರತಿಭಟನಾ ಧರಣಿ ನಡೆಯಿತು. ಸಂಘಟನೆಯ ಜಿಲ್ಲಾ ಅಧ್ಯಕ್ಷರು ಧರಣಿ ಉದ್ಘಾಟಿಸಿದರು. ಜಿಲ್ಲೆಯ 13 ಘಟಕಗಳ ಸದಸ್ಯರು ಭಾಗವಹಿಸಿದರು.
